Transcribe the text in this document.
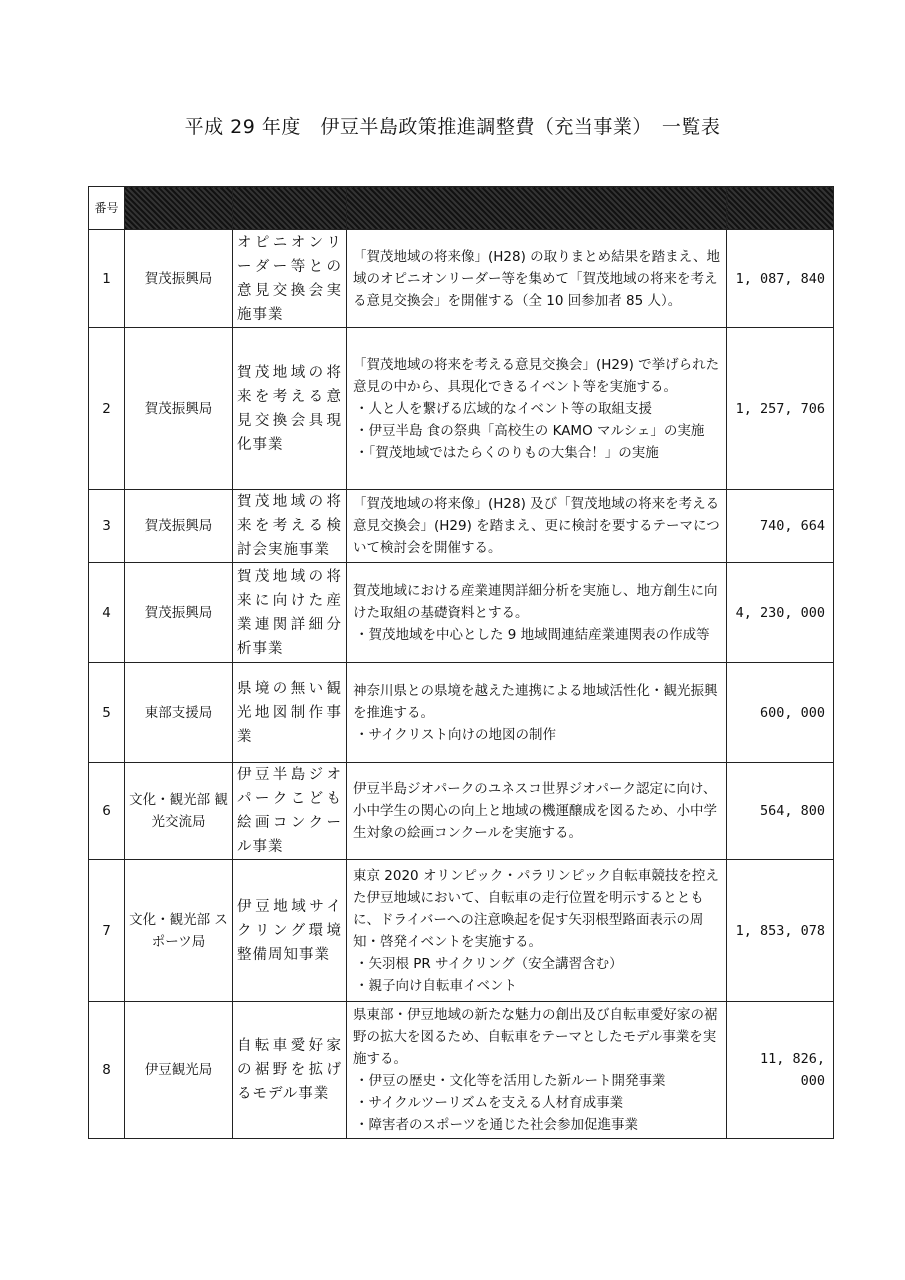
平成 29 年度　伊豆半島政策推進調整費（充当事業）　一覧表
番号				
1	賀茂振興局	オピニオンリーダー等との意見交換会実施事業	「賀茂地域の将来像」(H28) の取りまとめ結果を踏まえ、地域のオピニオンリーダー等を集めて「賀茂地域の将来を考える意見交換会」を開催する（全 10 回参加者 85 人）。	1, 087, 840
2	賀茂振興局	賀茂地域の将来を考える意見交換会具現化事業	「賀茂地域の将来を考える意見交換会」(H29) で挙げられた意見の中から、具現化できるイベント等を実施する。
・人と人を繋げる広域的なイベント等の取組支援
・伊豆半島 食の祭典「高校生の KAMO マルシェ」の実施
・「賀茂地域ではたらくのりもの大集合！」の実施	1, 257, 706
3	賀茂振興局	賀茂地域の将来を考える検討会実施事業	「賀茂地域の将来像」(H28) 及び「賀茂地域の将来を考える意見交換会」(H29) を踏まえ、更に検討を要するテーマについて検討会を開催する。	740, 664
4	賀茂振興局	賀茂地域の将来に向けた産業連関詳細分析事業	賀茂地域における産業連関詳細分析を実施し、地方創生に向けた取組の基礎資料とする。
・賀茂地域を中心とした 9 地域間連結産業連関表の作成等	4, 230, 000
5	東部支援局	県境の無い観光地図制作事業	神奈川県との県境を越えた連携による地域活性化・観光振興を推進する。
・サイクリスト向けの地図の制作	600, 000
6	文化・観光部 観光交流局	伊豆半島ジオパークこども絵画コンクール事業	伊豆半島ジオパークのユネスコ世界ジオパーク認定に向け、小中学生の関心の向上と地域の機運醸成を図るため、小中学生対象の絵画コンクールを実施する。	564, 800
7	文化・観光部 スポーツ局	伊豆地域サイクリング環境整備周知事業	東京 2020 オリンピック・パラリンピック自転車競技を控えた伊豆地域において、自転車の走行位置を明示するとともに、ドライバーへの注意喚起を促す矢羽根型路面表示の周知・啓発イベントを実施する。
・矢羽根 PR サイクリング（安全講習含む）
・親子向け自転車イベント	1, 853, 078
8	伊豆観光局	自転車愛好家の裾野を拡げるモデル事業	県東部・伊豆地域の新たな魅力の創出及び自転車愛好家の裾野の拡大を図るため、自転車をテーマとしたモデル事業を実施する。
・伊豆の歴史・文化等を活用した新ルート開発事業
・サイクルツーリズムを支える人材育成事業
・障害者のスポーツを通じた社会参加促進事業	11, 826, 000
